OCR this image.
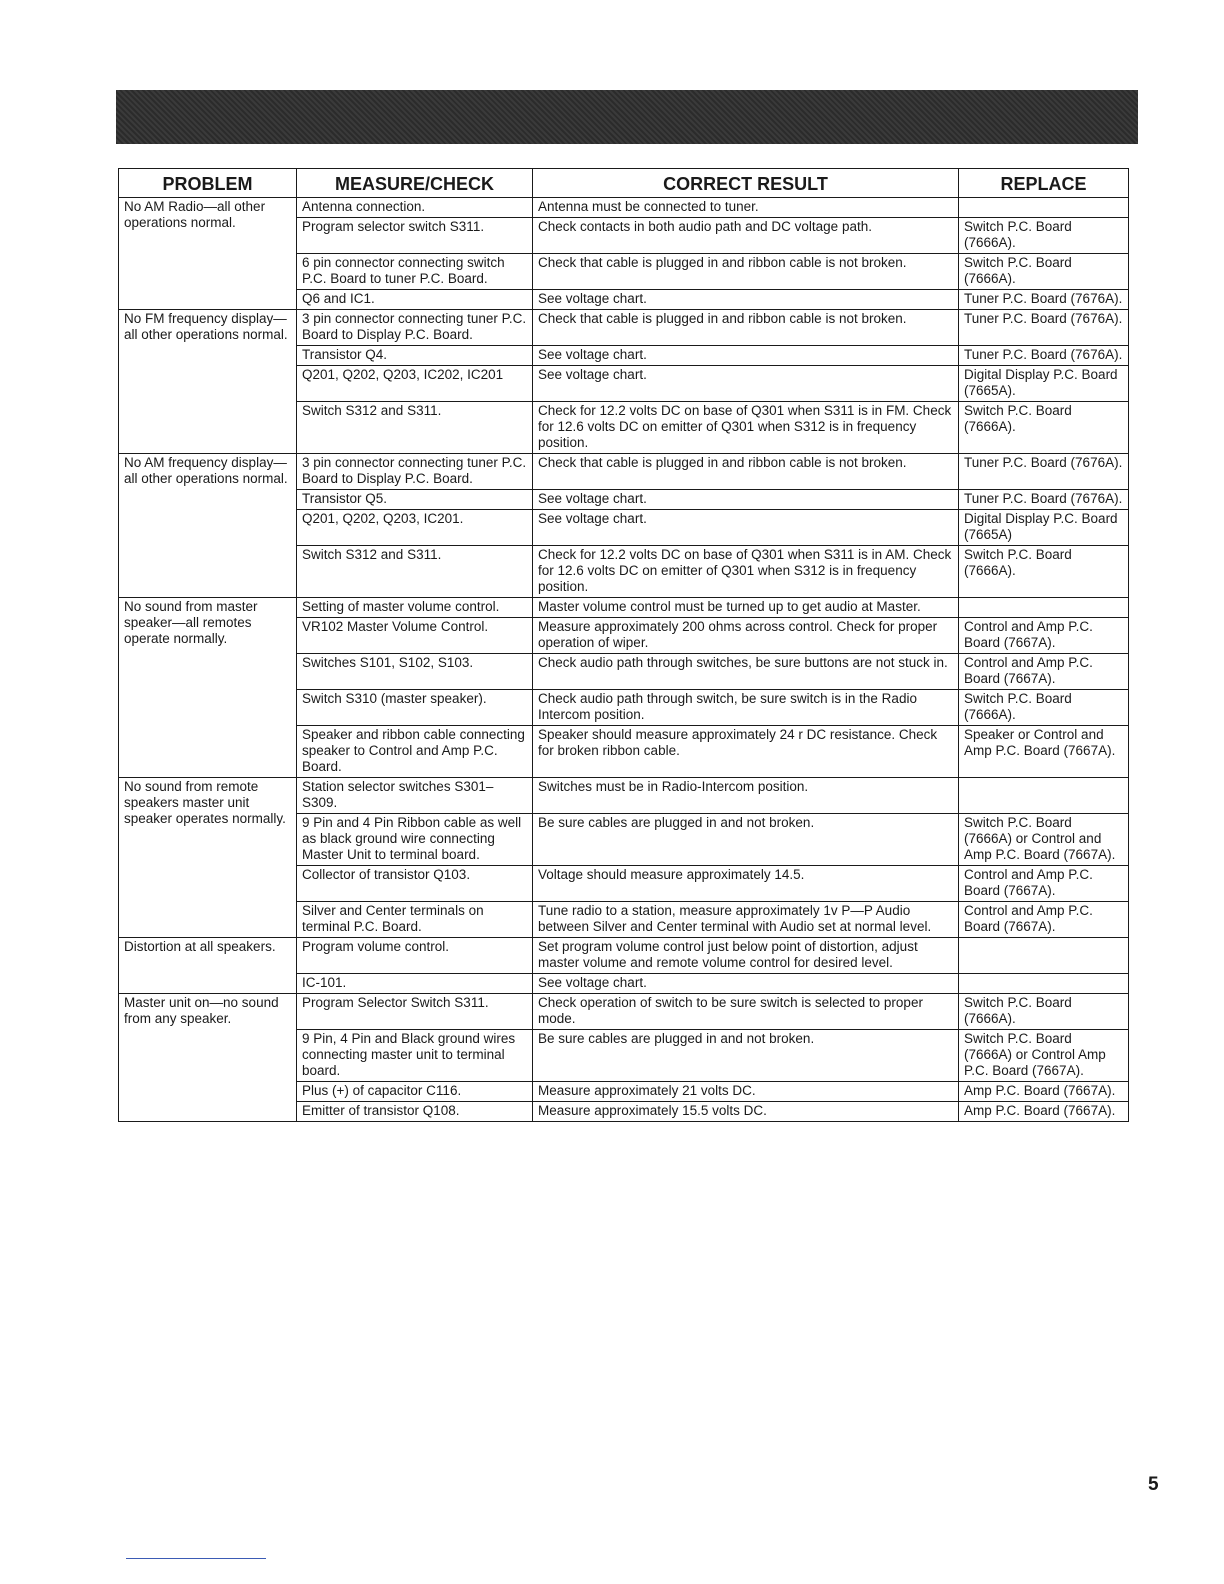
PROBLEM	MEASURE/CHECK	CORRECT RESULT	REPLACE
No AM Radio—all other operations normal.	Antenna connection.	Antenna must be connected to tuner.	
	Program selector switch S311.	Check contacts in both audio path and DC voltage path.	Switch P.C. Board (7666A).
	6 pin connector connecting switch P.C. Board to tuner P.C. Board.	Check that cable is plugged in and ribbon cable is not broken.	Switch P.C. Board (7666A).
	Q6 and IC1.	See voltage chart.	Tuner P.C. Board (7676A).
No FM frequency display—all other operations normal.	3 pin connector connecting tuner P.C. Board to Display P.C. Board.	Check that cable is plugged in and ribbon cable is not broken.	Tuner P.C. Board (7676A).
	Transistor Q4.	See voltage chart.	Tuner P.C. Board (7676A).
	Q201, Q202, Q203, IC202, IC201	See voltage chart.	Digital Display P.C. Board (7665A).
	Switch S312 and S311.	Check for 12.2 volts DC on base of Q301 when S311 is in FM. Check for 12.6 volts DC on emitter of Q301 when S312 is in frequency position.	Switch P.C. Board (7666A).
No AM frequency display—all other operations normal.	3 pin connector connecting tuner P.C. Board to Display P.C. Board.	Check that cable is plugged in and ribbon cable is not broken.	Tuner P.C. Board (7676A).
	Transistor Q5.	See voltage chart.	Tuner P.C. Board (7676A).
	Q201, Q202, Q203, IC201.	See voltage chart.	Digital Display P.C. Board (7665A)
	Switch S312 and S311.	Check for 12.2 volts DC on base of Q301 when S311 is in AM. Check for 12.6 volts DC on emitter of Q301 when S312 is in frequency position.	Switch P.C. Board (7666A).
No sound from master speaker—all remotes operate normally.	Setting of master volume control.	Master volume control must be turned up to get audio at Master.	
	VR102 Master Volume Control.	Measure approximately 200 ohms across control. Check for proper operation of wiper.	Control and Amp P.C. Board (7667A).
	Switches S101, S102, S103.	Check audio path through switches, be sure buttons are not stuck in.	Control and Amp P.C. Board (7667A).
	Switch S310 (master speaker).	Check audio path through switch, be sure switch is in the Radio Intercom position.	Switch P.C. Board (7666A).
	Speaker and ribbon cable connecting speaker to Control and Amp P.C. Board.	Speaker should measure approximately 24 r DC resistance. Check for broken ribbon cable.	Speaker or Control and Amp P.C. Board (7667A).
No sound from remote speakers master unit speaker operates normally.	Station selector switches S301–S309.	Switches must be in Radio-Intercom position.	
	9 Pin and 4 Pin Ribbon cable as well as black ground wire connecting Master Unit to terminal board.	Be sure cables are plugged in and not broken.	Switch P.C. Board (7666A) or Control and Amp P.C. Board (7667A).
	Collector of transistor Q103.	Voltage should measure approximately 14.5.	Control and Amp P.C. Board (7667A).
	Silver and Center terminals on terminal P.C. Board.	Tune radio to a station, measure approximately 1v P—P Audio between Silver and Center terminal with Audio set at normal level.	Control and Amp P.C. Board (7667A).
Distortion at all speakers.	Program volume control.	Set program volume control just below point of distortion, adjust master volume and remote volume control for desired level.	
	IC-101.	See voltage chart.	
Master unit on—no sound from any speaker.	Program Selector Switch S311.	Check operation of switch to be sure switch is selected to proper mode.	Switch P.C. Board (7666A).
	9 Pin, 4 Pin and Black ground wires connecting master unit to terminal board.	Be sure cables are plugged in and not broken.	Switch P.C. Board (7666A) or Control Amp P.C. Board (7667A).
	Plus (+) of capacitor C116.	Measure approximately 21 volts DC.	Amp P.C. Board (7667A).
	Emitter of transistor Q108.	Measure approximately 15.5 volts DC.	Amp P.C. Board (7667A).
5
